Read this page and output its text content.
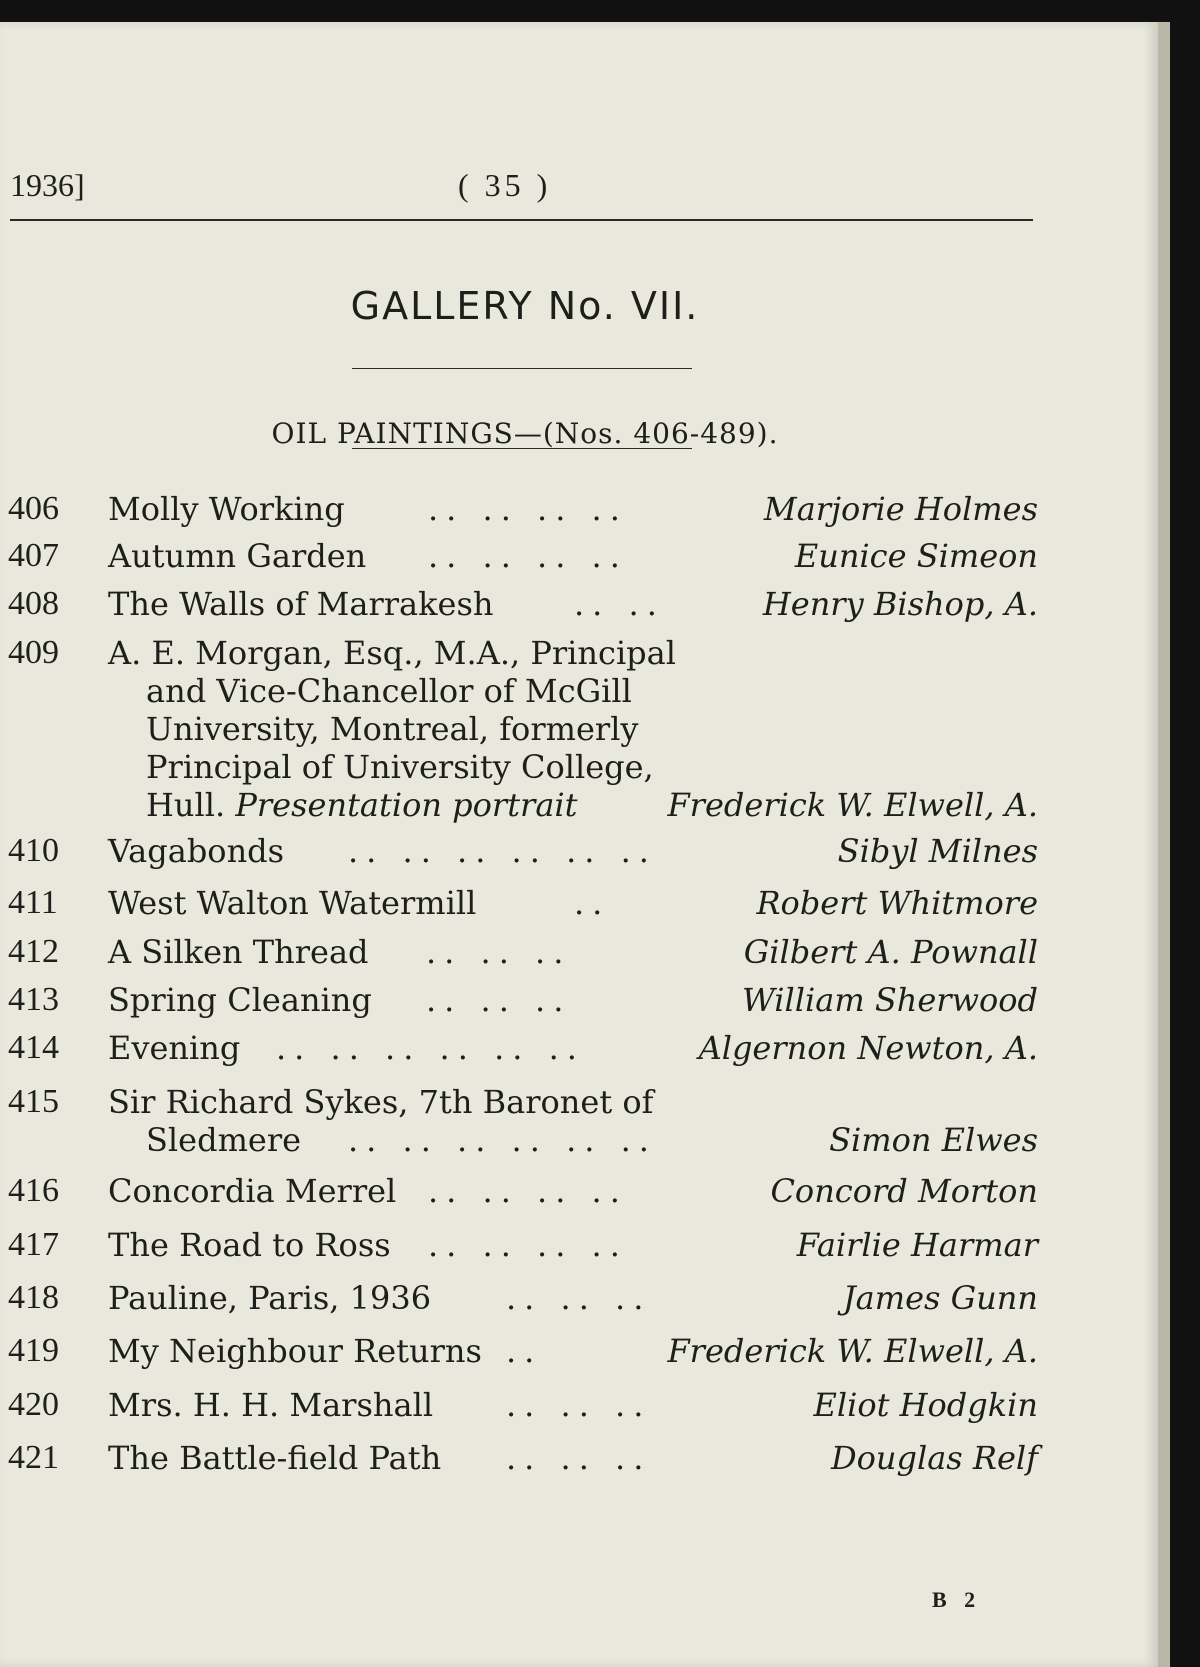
1936]	( 35 )
GALLERY No. VII.
OIL PAINTINGS—(Nos. 406-489).
406 Molly Working	.. .. .. ..	Marjorie Holmes
407 Autumn Garden .. .. .. ..	Eunice Simeon
408 The Walls of Marrakesh	.. ..	Henry Bishop, A.
409 A. E. Morgan, Esq., M.A., Principal
and Vice-Chancellor of McGill
University, Montreal, formerly
Principal of University College,
Hull. Presentation portrait	Frederick W. Elwell, A.
410 Vagabonds .. .. .. .. .. ..	Sibyl Milnes
411 West Walton Watermill	..	Robert Whitmore
412 A Silken Thread .. .. ..	Gilbert A. Pownall
413 Spring Cleaning .. .. ..	William Sherwood
414 Evening .. .. .. .. .. ..	Algernon Newton, A.
415 Sir Richard Sykes, 7th Baronet of
Sledmere	.. .. .. .. .. ..	Simon Elwes
416 Concordia Merrel .. .. .. ..	Concord Morton
417 The Road to Ross .. .. .. ..	Fairlie Harmar
418 Pauline, Paris, 1936 .. .. ..	James Gunn
419 My Neighbour Returns ..	Frederick W. Elwell, A.
420 Mrs. H. H. Marshall .. .. ..	Eliot Hodgkin
421 The Battle-field Path .. .. ..	Douglas Relf
B 2
